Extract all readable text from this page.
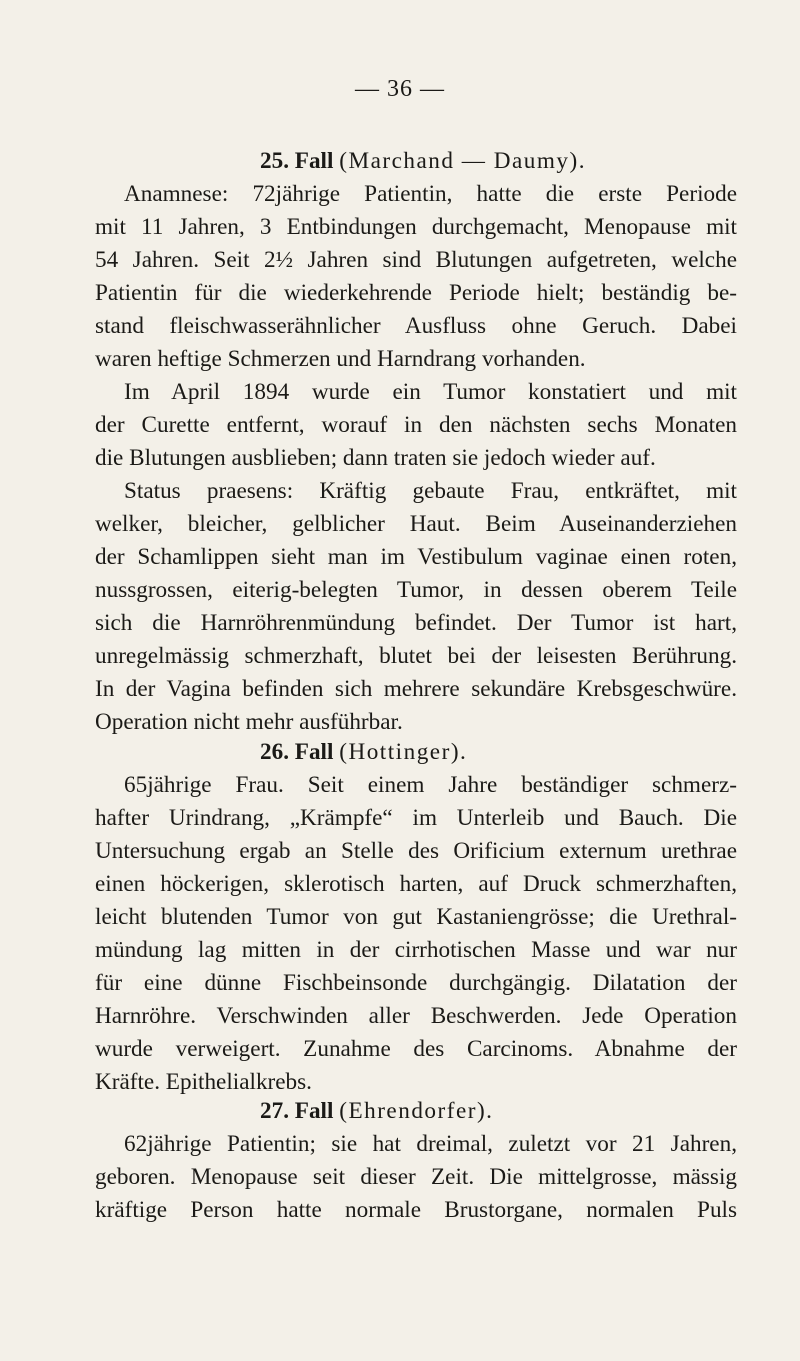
— 36 —
25. Fall (Marchand — Daumy).
Anamnese: 72jährige Patientin, hatte die erste Periode
mit 11 Jahren, 3 Entbindungen durchgemacht, Menopause mit
54 Jahren. Seit 2½ Jahren sind Blutungen aufgetreten, welche
Patientin für die wiederkehrende Periode hielt; beständig be-
stand fleischwasserähnlicher Ausfluss ohne Geruch. Dabei
waren heftige Schmerzen und Harndrang vorhanden.
Im April 1894 wurde ein Tumor konstatiert und mit
der Curette entfernt, worauf in den nächsten sechs Monaten
die Blutungen ausblieben; dann traten sie jedoch wieder auf.
Status praesens: Kräftig gebaute Frau, entkräftet, mit
welker, bleicher, gelblicher Haut. Beim Auseinanderziehen
der Schamlippen sieht man im Vestibulum vaginae einen roten,
nussgrossen, eiterig-belegten Tumor, in dessen oberem Teile
sich die Harnröhrenmündung befindet. Der Tumor ist hart,
unregelmässig schmerzhaft, blutet bei der leisesten Berührung.
In der Vagina befinden sich mehrere sekundäre Krebsgeschwüre.
Operation nicht mehr ausführbar.
26. Fall (Hottinger).
65jährige Frau. Seit einem Jahre beständiger schmerz-
hafter Urindrang, „Krämpfe“ im Unterleib und Bauch. Die
Untersuchung ergab an Stelle des Orificium externum urethrae
einen höckerigen, sklerotisch harten, auf Druck schmerzhaften,
leicht blutenden Tumor von gut Kastaniengrösse; die Urethral-
mündung lag mitten in der cirrhotischen Masse und war nur
für eine dünne Fischbeinsonde durchgängig. Dilatation der
Harnröhre. Verschwinden aller Beschwerden. Jede Operation
wurde verweigert. Zunahme des Carcinoms. Abnahme der
Kräfte. Epithelialkrebs.
27. Fall (Ehrendorfer).
62jährige Patientin; sie hat dreimal, zuletzt vor 21 Jahren,
geboren. Menopause seit dieser Zeit. Die mittelgrosse, mässig
kräftige Person hatte normale Brustorgane, normalen Puls
